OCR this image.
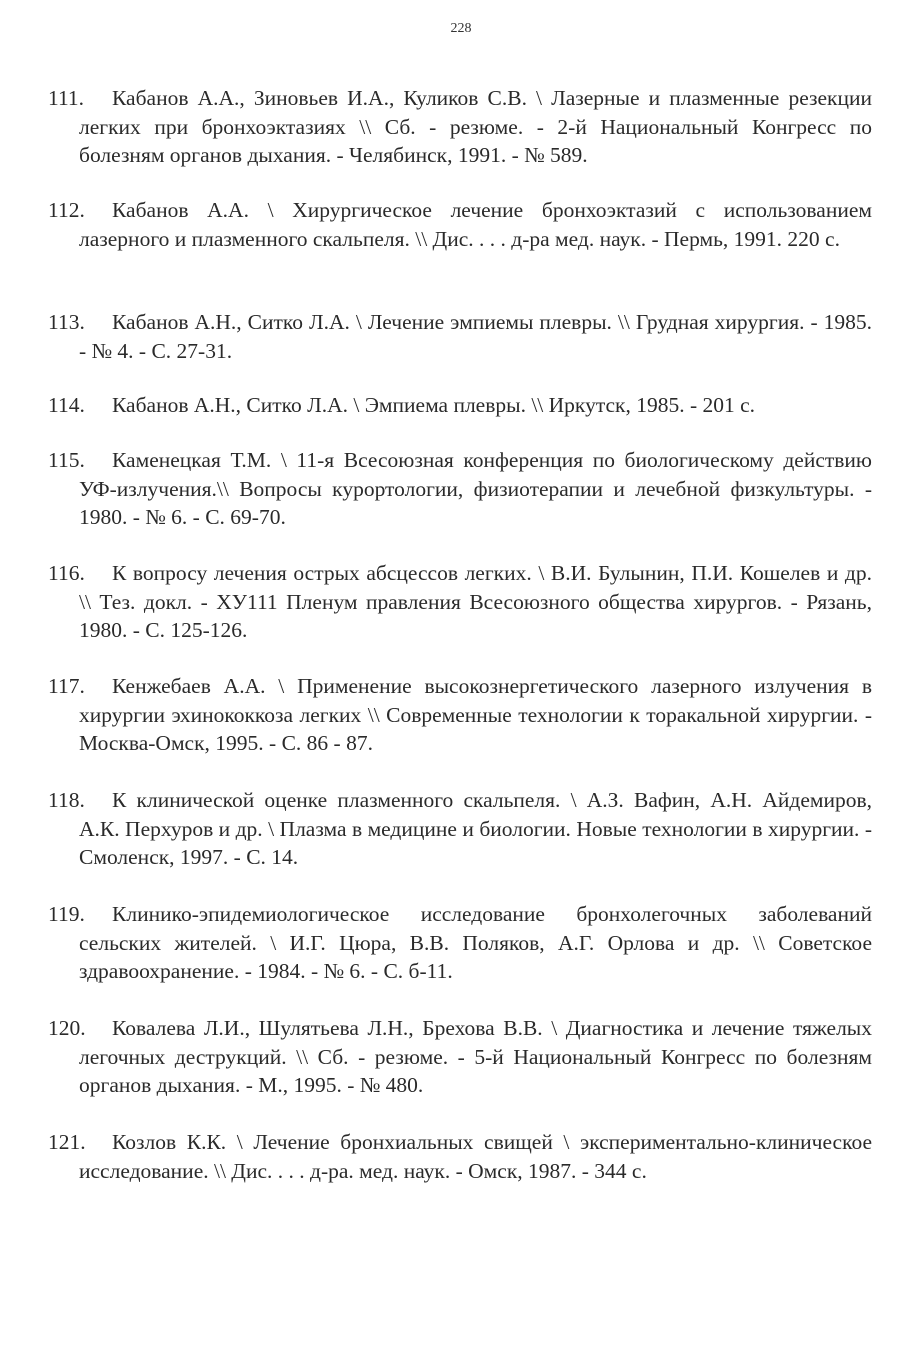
228
111.	Кабанов А.А., Зиновьев И.А., Куликов С.В. \ Лазерные и плазменные резекции легких при бронхоэктазиях \\ Сб. - резюме. - 2-й Национальный Конгресс по болезням органов дыхания. - Челябинск, 1991. - № 589.
112.	Кабанов А.А. \ Хирургическое лечение бронхоэктазий с использованием лазерного и плазменного скальпеля. \\ Дис. . . . д-ра мед. наук. - Пермь, 1991. 220 с.
113.	Кабанов А.Н., Ситко Л.А. \ Лечение эмпиемы плевры. \\ Грудная хирургия. - 1985. - № 4. - С. 27-31.
114.	Кабанов А.Н., Ситко Л.А. \ Эмпиема плевры. \\ Иркутск, 1985. - 201 с.
115.	Каменецкая Т.М. \ 11-я Всесоюзная конференция по биологическому действию УФ-излучения.\\ Вопросы курортологии, физиотерапии и лечебной физкультуры. - 1980. - № 6. - С. 69-70.
116.	К вопросу лечения острых абсцессов легких. \ В.И. Булынин, П.И. Кошелев и др. \\ Тез. докл. - ХУ111 Пленум правления Всесоюзного общества хирургов. - Рязань, 1980. - С. 125-126.
117.	Кенжебаев А.А. \ Применение высокознергетического лазерного излучения в хирургии эхинококкоза легких \\ Современные технологии к торакальной хирургии. - Москва-Омск, 1995. - С. 86 - 87.
118.	К клинической оценке плазменного скальпеля. \ А.З. Вафин, А.Н. Айдемиров, А.К. Перхуров и др. \ Плазма в медицине и биологии. Новые технологии в хирургии. - Смоленск, 1997. - С. 14.
119.	Клинико-эпидемиологическое исследование бронхолегочных заболеваний сельских жителей. \ И.Г. Цюра, В.В. Поляков, А.Г. Орлова и др. \\ Советское здравоохранение. - 1984. - № 6. - С. б-11.
120.	Ковалева Л.И., Шулятьева Л.Н., Брехова В.В. \ Диагностика и лечение тяжелых легочных деструкций. \\ Сб. - резюме. - 5-й Национальный Конгресс по болезням органов дыхания. - М., 1995. - № 480.
121.	Козлов К.К. \ Лечение бронхиальных свищей \ экспериментально-клиническое исследование. \\ Дис. . . . д-ра. мед. наук. - Омск, 1987. - 344 с.
